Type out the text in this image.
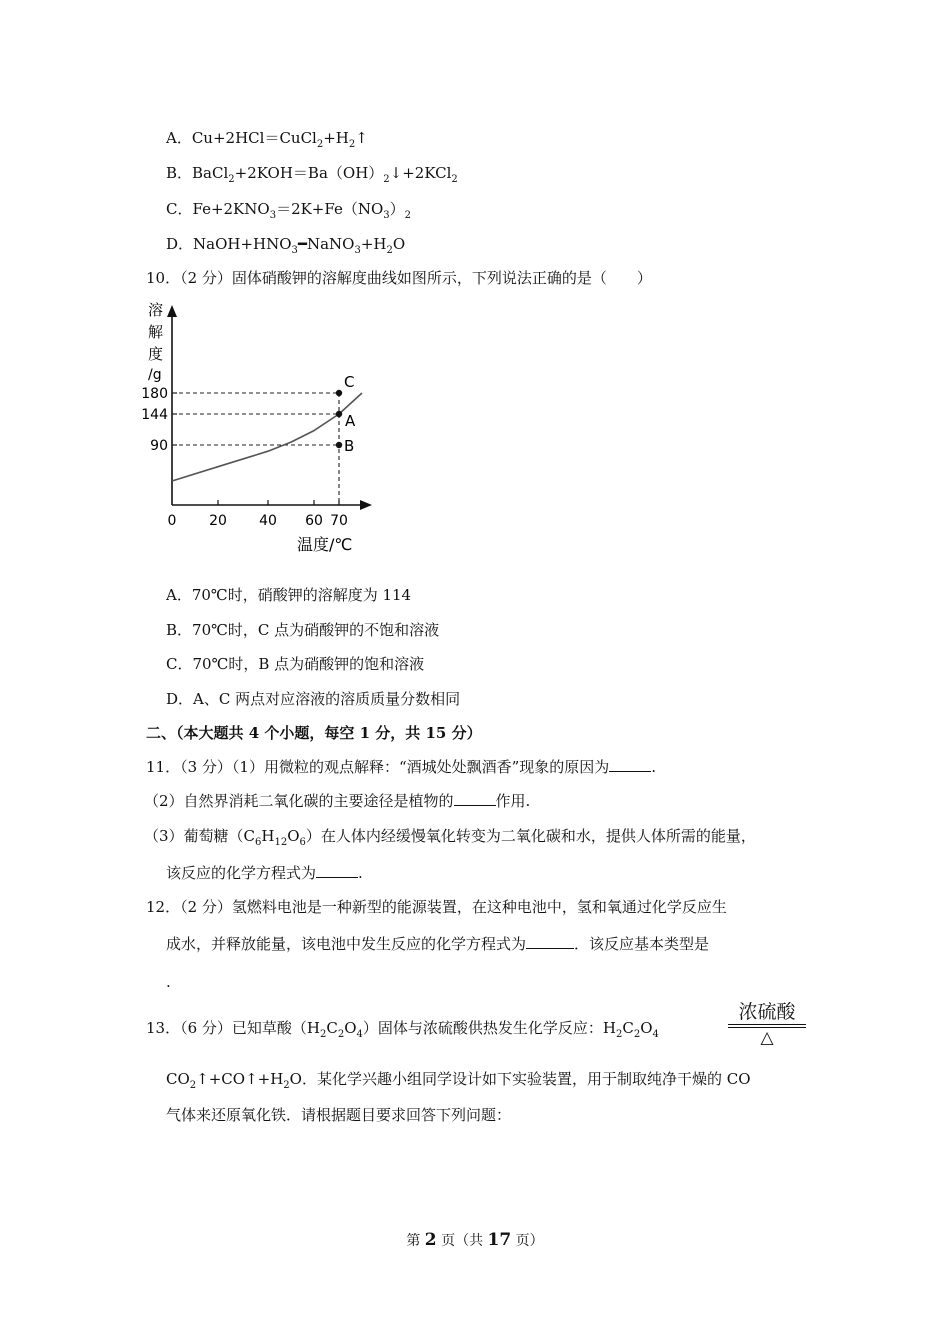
A．$Cu+2HCl=CuCl_2+H_2↑$
B．$BaCl_2+2KOH=Ba(OH)_2↓+2KCl_2$
C．$Fe+2KNO_3=2K+Fe(NO_3)_2$
D．$NaOH+HNO_3━NaNO_3+H_2O$
10．（2 分）固体硝酸钾的溶解度曲线如图所示，下列说法正确的是（　　）
溶
解
度
/g
0 20 40 60 70
180
144
90
C
A
B
温度/℃
A．70℃时，硝酸钾的溶解度为 114
B．70℃时，C 点为硝酸钾的不饱和溶液
C．70℃时，B 点为硝酸钾的饱和溶液
D．A、C 两点对应溶液的溶质质量分数相同
二、（本大题共 4 个小题，每空 1 分，共 15 分）
11．（3 分）（1）用微粒的观点解释：“酒城处处飘酒香”现象的原因为	.
（2）自然界消耗二氧化碳的主要途径是植物的	作用.
（3）葡萄糖$(C_6H_{12}O_6)$在人体内经缓慢氧化转变为二氧化碳和水，提供人体所需的能量，
该反应的化学方程式为	.
12．（2 分）氢燃料电池是一种新型的能源装置，在这种电池中，氢和氧通过化学反应生
成水，并释放能量，该电池中发生反应的化学方程式为	．该反应基本类型是
.
13．（6 分）已知草酸$(H_2C_2O_4)$固体与浓硫酸供热发生化学反应：$H_2C_2O_4$
浓硫酸
△
$CO_2↑+CO↑+H_2O$．某化学兴趣小组同学设计如下实验装置，用于制取纯净干燥的 CO
气体来还原氧化铁．请根据题目要求回答下列问题：
第 2 页（共 17 页）
